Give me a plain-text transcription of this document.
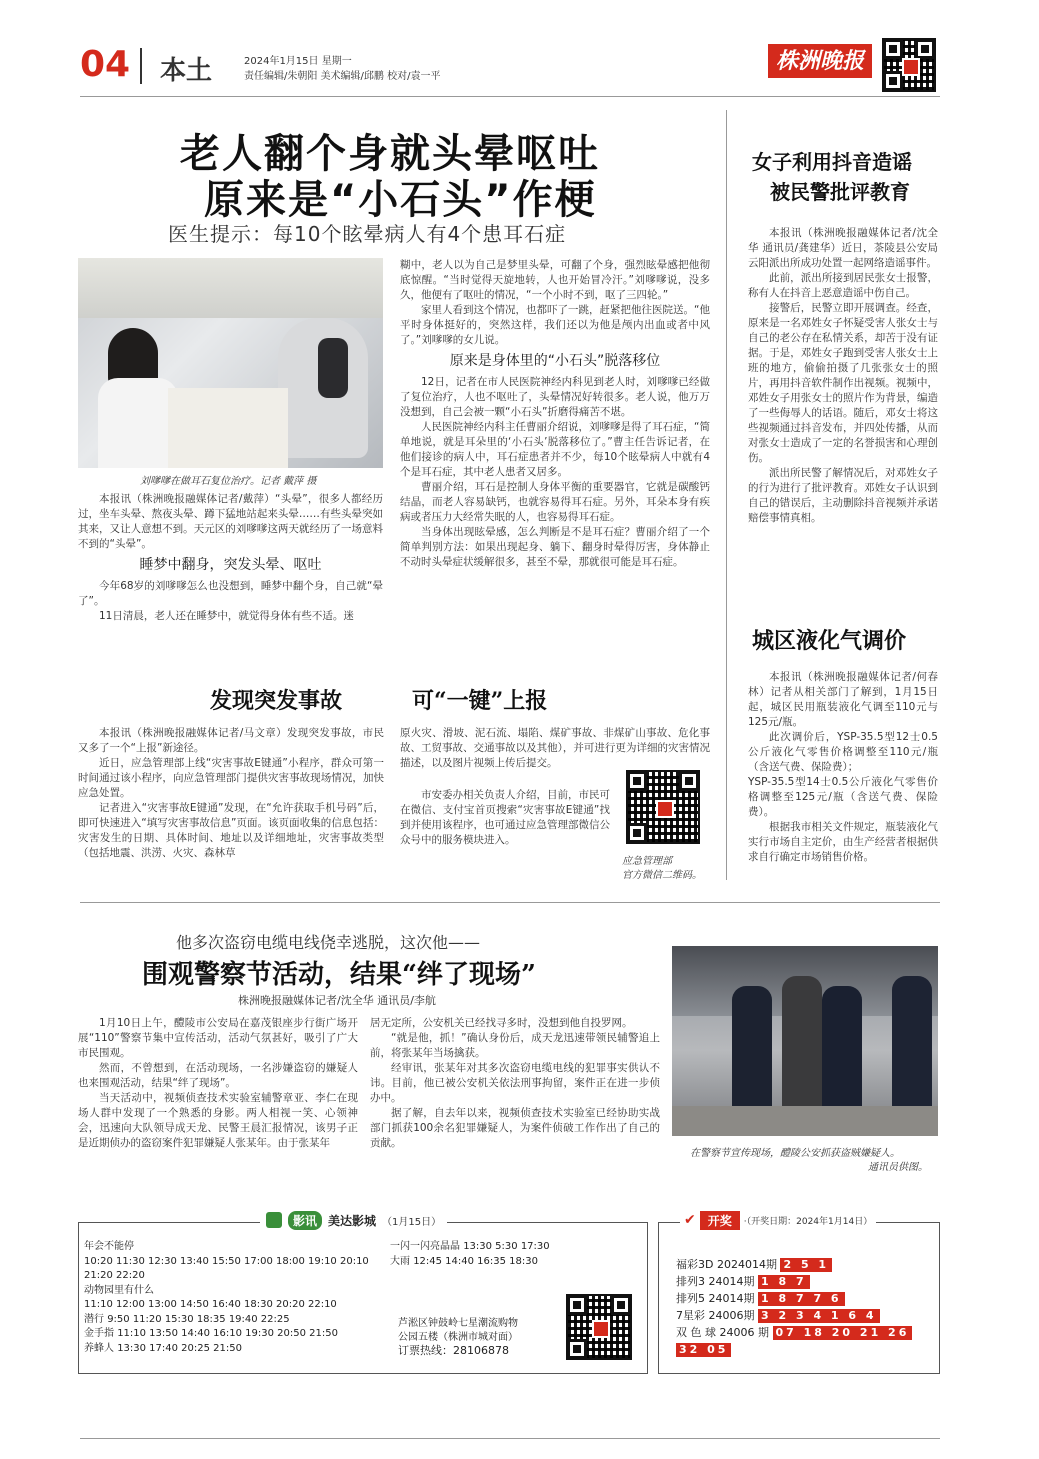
04 本土	2024年1月15日 星期一
责任编辑/朱朝阳 美术编辑/邱鹏 校对/袁一平
株洲晚报
老人翻个身就头晕呕吐
原来是“小石头”作梗
医生提示：每10个眩晕病人有4个患耳石症
刘嗲嗲在做耳石复位治疗。记者 戴萍 摄

本报讯（株洲晚报融媒体记者/戴萍）“头晕”，很多人都经历过，坐车头晕、熬夜头晕、蹲下猛地站起来头晕……有些头晕突如其来，又让人意想不到。天元区的刘嗲嗲这两天就经历了一场意料不到的“头晕”。

睡梦中翻身，突发头晕、呕吐

今年68岁的刘嗲嗲怎么也没想到，睡梦中翻个身，自己就“晕了”。

11日清晨，老人还在睡梦中，就觉得身体有些不适。迷

糊中，老人以为自己是梦里头晕，可翻了个身，强烈眩晕感把他彻底惊醒。“当时觉得天旋地转，人也开始冒冷汗。”刘嗲嗲说，没多久，他便有了呕吐的情况，“一个小时不到，呕了三四轮。”

家里人看到这个情况，也都吓了一跳，赶紧把他往医院送。“他平时身体挺好的，突然这样，我们还以为他是颅内出血或者中风了。”刘嗲嗲的女儿说。

原来是身体里的“小石头”脱落移位

12日，记者在市人民医院神经内科见到老人时，刘嗲嗲已经做了复位治疗，人也不呕吐了，头晕情况好转很多。老人说，他万万没想到，自己会被一颗“小石头”折磨得痛苦不堪。

人民医院神经内科主任曹丽介绍说，刘嗲嗲是得了耳石症，“简单地说，就是耳朵里的‘小石头’脱落移位了。”曹主任告诉记者，在他们接诊的病人中，耳石症患者并不少，每10个眩晕病人中就有4个是耳石症，其中老人患者又居多。

曹丽介绍，耳石是控制人身体平衡的重要器官，它就是碳酸钙结晶，而老人容易缺钙，也就容易得耳石症。另外，耳朵本身有疾病或者压力大经常失眠的人，也容易得耳石症。

当身体出现眩晕感，怎么判断是不是耳石症？曹丽介绍了一个简单判别方法：如果出现起身、躺下、翻身时晕得厉害，身体静止不动时头晕症状缓解很多，甚至不晕，那就很可能是耳石症。

女子利用抖音造谣
被民警批评教育

本报讯（株洲晚报融媒体记者/沈全华 通讯员/龚建华）近日，茶陵县公安局云阳派出所成功处置一起网络造谣事件。

此前，派出所接到居民张女士报警，称有人在抖音上恶意造谣中伤自己。

接警后，民警立即开展调查。经查，原来是一名邓姓女子怀疑受害人张女士与自己的老公存在私情关系，却苦于没有证据。于是，邓姓女子跑到受害人张女士上班的地方，偷偷拍摄了几张张女士的照片，再用抖音软件制作出视频。视频中，邓姓女子用张女士的照片作为背景，编造了一些侮辱人的话语。随后，邓女士将这些视频通过抖音发布，并四处传播，从而对张女士造成了一定的名誉损害和心理创伤。

派出所民警了解情况后，对邓姓女子的行为进行了批评教育。邓姓女子认识到自己的错误后，主动删除抖音视频并承诺赔偿事情真相。

城区液化气调价

本报讯（株洲晚报融媒体记者/何春林）记者从相关部门了解到，1月15日起，城区民用瓶装液化气调至110元与125元/瓶。

此次调价后，YSP-35.5型12士0.5公斤液化气零售价格调整至110元/瓶（含送气费、保险费）；

YSP-35.5型14士0.5公斤液化气零售价格调整至125元/瓶（含送气费、保险费）。

根据我市相关文件规定，瓶装液化气实行市场自主定价，由生产经营者根据供求自行确定市场销售价格。

发现突发事故	可“一键”上报

本报讯（株洲晚报融媒体记者/马文章）发现突发事故，市民又多了一个“上报”新途径。

近日，应急管理部上线“灾害事故E键通”小程序，群众可第一时间通过该小程序，向应急管理部门提供灾害事故现场情况，加快应急处置。

记者进入“灾害事故E键通”发现，在“允许获取手机号码”后，即可快速进入“填写灾害事故信息”页面。该页面收集的信息包括：灾害发生的日期、具体时间、地址以及详细地址，灾害事故类型（包括地震、洪涝、火灾、森林草

原火灾、滑坡、泥石流、塌陷、煤矿事故、非煤矿山事故、危化事故、工贸事故、交通事故以及其他），并可进行更为详细的灾害情况描述，以及图片视频上传后提交。

市安委办相关负责人介绍，目前，市民可在微信、支付宝首页搜索“灾害事故E键通”找到并使用该程序，也可通过应急管理部微信公众号中的服务模块进入。

应急管理部
官方微信二维码。
他多次盗窃电缆电线侥幸逃脱，这次他——
围观警察节活动，结果“绊了现场”
株洲晚报融媒体记者/沈全华 通讯员/李航

1月10日上午，醴陵市公安局在嘉茂银座步行街广场开展“110”警察节集中宣传活动，活动气氛甚好，吸引了广大市民围观。

然而，不曾想到，在活动现场，一名涉嫌盗窃的嫌疑人也来围观活动，结果“绊了现场”。

当天活动中，视频侦查技术实验室辅警章亚、李仁在现场人群中发现了一个熟悉的身影。两人相视一笑、心领神会，迅速向大队领导成天龙、民警王晨汇报情况，该男子正是近期侦办的盗窃案件犯罪嫌疑人张某年。由于张某年

居无定所，公安机关已经找寻多时，没想到他自投罗网。

“就是他，抓！”确认身份后，成天龙迅速带领民辅警追上前，将张某年当场擒获。

经审讯，张某年对其多次盗窃电缆电线的犯罪事实供认不讳。目前，他已被公安机关依法刑事拘留，案件正在进一步侦办中。

据了解，自去年以来，视频侦查技术实验室已经协助实战部门抓获100余名犯罪嫌疑人，为案件侦破工作作出了自己的贡献。

在警察节宣传现场，醴陵公安抓获盗贼嫌疑人。
通讯员供图。
影讯 美达影城 （1月15日）
年会不能停
10:20 11:30 12:30 13:40 15:50 17:00 18:00 19:10 20:10 21:20 22:20
动物园里有什么
11:10 12:00 13:00 14:50 16:40 18:30 20:20 22:10
潜行 9:50 11:20 15:30 18:35 19:40 22:25
金手指 11:10 13:50 14:40 16:10 19:30 20:50 21:50
养蜂人 13:30 17:40 20:25 21:50
一闪一闪亮晶晶 13:30 5:30 17:30
大雨 12:45 14:40 16:35 18:30
芦淞区钟鼓岭七星潮流购物
公园五楼（株洲市城对面）
订票热线：28106878
✔	开奖	·（开奖日期：2024年1月14日）
福彩3D 2024014期 2 5 1
排列3 24014期 1 8 7
排列5 24014期 1 8 7 7 6
7星彩 24006期 3 2 3 4 1 6 4
双 色 球 24006 期 07 18 20 21 26
32 05
